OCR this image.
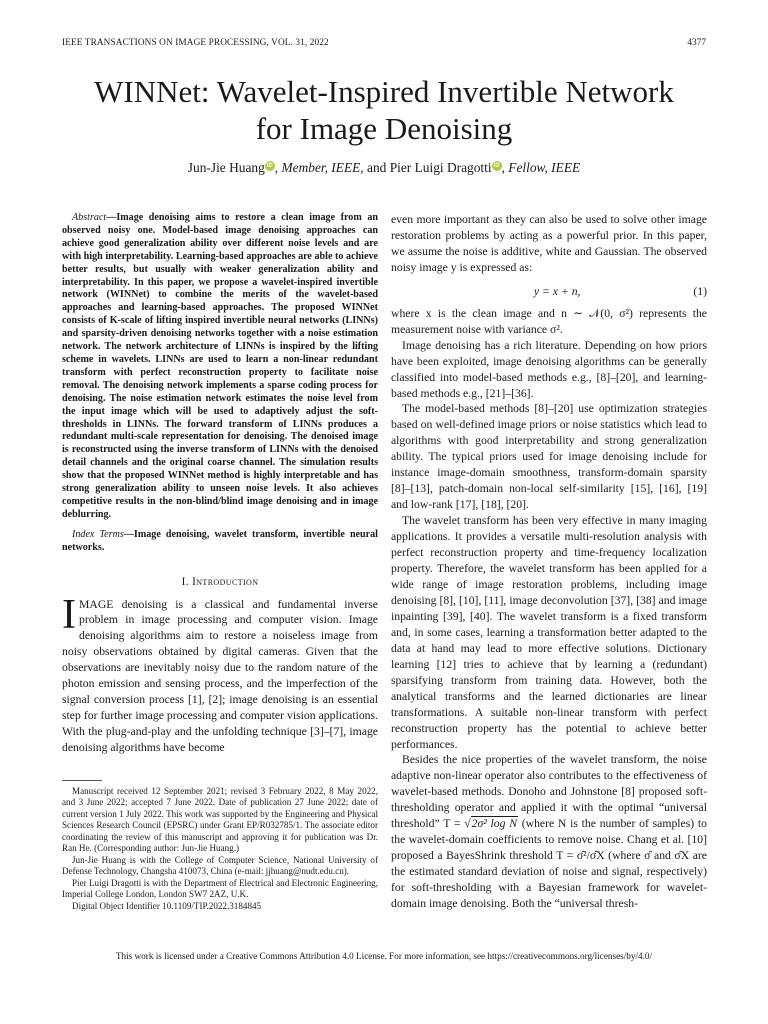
IEEE TRANSACTIONS ON IMAGE PROCESSING, VOL. 31, 2022	4377
WINNet: Wavelet-Inspired Invertible Network
for Image Denoising
Jun-Jie Huang iD , Member, IEEE, and Pier Luigi Dragotti iD , Fellow, IEEE

Abstract—Image denoising aims to restore a clean image from an observed noisy one. Model-based image denoising approaches can achieve good generalization ability over different noise levels and are with high interpretability. Learning-based approaches are able to achieve better results, but usually with weaker generalization ability and interpretability. In this paper, we propose a wavelet-inspired invertible network (WINNet) to combine the merits of the wavelet-based approaches and learning-based approaches. The proposed WINNet consists of K-scale of lifting inspired invertible neural networks (LINNs) and sparsity-driven denoising networks together with a noise estimation network. The network architecture of LINNs is inspired by the lifting scheme in wavelets. LINNs are used to learn a non-linear redundant transform with perfect reconstruction property to facilitate noise removal. The denoising network implements a sparse coding process for denoising. The noise estimation network estimates the noise level from the input image which will be used to adaptively adjust the soft-thresholds in LINNs. The forward transform of LINNs produces a redundant multi-scale representation for denoising. The denoised image is reconstructed using the inverse transform of LINNs with the denoised detail channels and the original coarse channel. The simulation results show that the proposed WINNet method is highly interpretable and has strong generalization ability to unseen noise levels. It also achieves competitive results in the non-blind/blind image denoising and in image deblurring.

Index Terms—Image denoising, wavelet transform, invertible neural networks.

I. Introduction

IMAGE denoising is a classical and fundamental inverse problem in image processing and computer vision. Image denoising algorithms aim to restore a noiseless image from noisy observations obtained by digital cameras. Given that the observations are inevitably noisy due to the random nature of the photon emission and sensing process, and the imperfection of the signal conversion process [1], [2]; image denoising is an essential step for further image processing and computer vision applications. With the plug-and-play and the unfolding technique [3]–[7], image denoising algorithms have become

Manuscript received 12 September 2021; revised 3 February 2022, 8 May 2022, and 3 June 2022; accepted 7 June 2022. Date of publication 27 June 2022; date of current version 1 July 2022. This work was supported by the Engineering and Physical Sciences Research Council (EPSRC) under Grant EP/R032785/1. The associate editor coordinating the review of this manuscript and approving it for publication was Dr. Ran He. (Corresponding author: Jun-Jie Huang.)

Jun-Jie Huang is with the College of Computer Science, National University of Defense Technology, Changsha 410073, China (e-mail: jjhuang@nudt.edu.cn).

Pier Luigi Dragotti is with the Department of Electrical and Electronic Engineering, Imperial College London, London SW7 2AZ, U.K.

Digital Object Identifier 10.1109/TIP.2022.3184845

even more important as they can also be used to solve other image restoration problems by acting as a powerful prior. In this paper, we assume the noise is additive, white and Gaussian. The observed noisy image y is expressed as:

y = x + n,	(1)

where x is the clean image and n ∼ 𝒩(0, σ²) represents the measurement noise with variance σ².

Image denoising has a rich literature. Depending on how priors have been exploited, image denoising algorithms can be generally classified into model-based methods e.g., [8]–[20], and learning-based methods e.g., [21]–[36].

The model-based methods [8]–[20] use optimization strategies based on well-defined image priors or noise statistics which lead to algorithms with good interpretability and strong generalization ability. The typical priors used for image denoising include for instance image-domain smoothness, transform-domain sparsity [8]–[13], patch-domain non-local self-similarity [15], [16], [19] and low-rank [17], [18], [20].

The wavelet transform has been very effective in many imaging applications. It provides a versatile multi-resolution analysis with perfect reconstruction property and time-frequency localization property. Therefore, the wavelet transform has been applied for a wide range of image restoration problems, including image denoising [8], [10], [11], image deconvolution [37], [38] and image inpainting [39], [40]. The wavelet transform is a fixed transform and, in some cases, learning a transformation better adapted to the data at hand may lead to more effective solutions. Dictionary learning [12] tries to achieve that by learning a (redundant) sparsifying transform from training data. However, both the analytical transforms and the learned dictionaries are linear transformations. A suitable non-linear transform with perfect reconstruction property has the potential to achieve better performances.

Besides the nice properties of the wavelet transform, the noise adaptive non-linear operator also contributes to the effectiveness of wavelet-based methods. Donoho and Johnstone [8] proposed soft-thresholding operator and applied it with the optimal “universal threshold” T = √2σ² log N (where N is the number of samples) to the wavelet-domain coefficients to remove noise. Chang et al. [10] proposed a BayesShrink threshold T = σ̂²/σ̂X (where σ̂ and σ̂X are the estimated standard deviation of noise and signal, respectively) for soft-thresholding with a Bayesian framework for wavelet-domain image denoising. Both the “universal thresh-

This work is licensed under a Creative Commons Attribution 4.0 License. For more information, see https://creativecommons.org/licenses/by/4.0/
